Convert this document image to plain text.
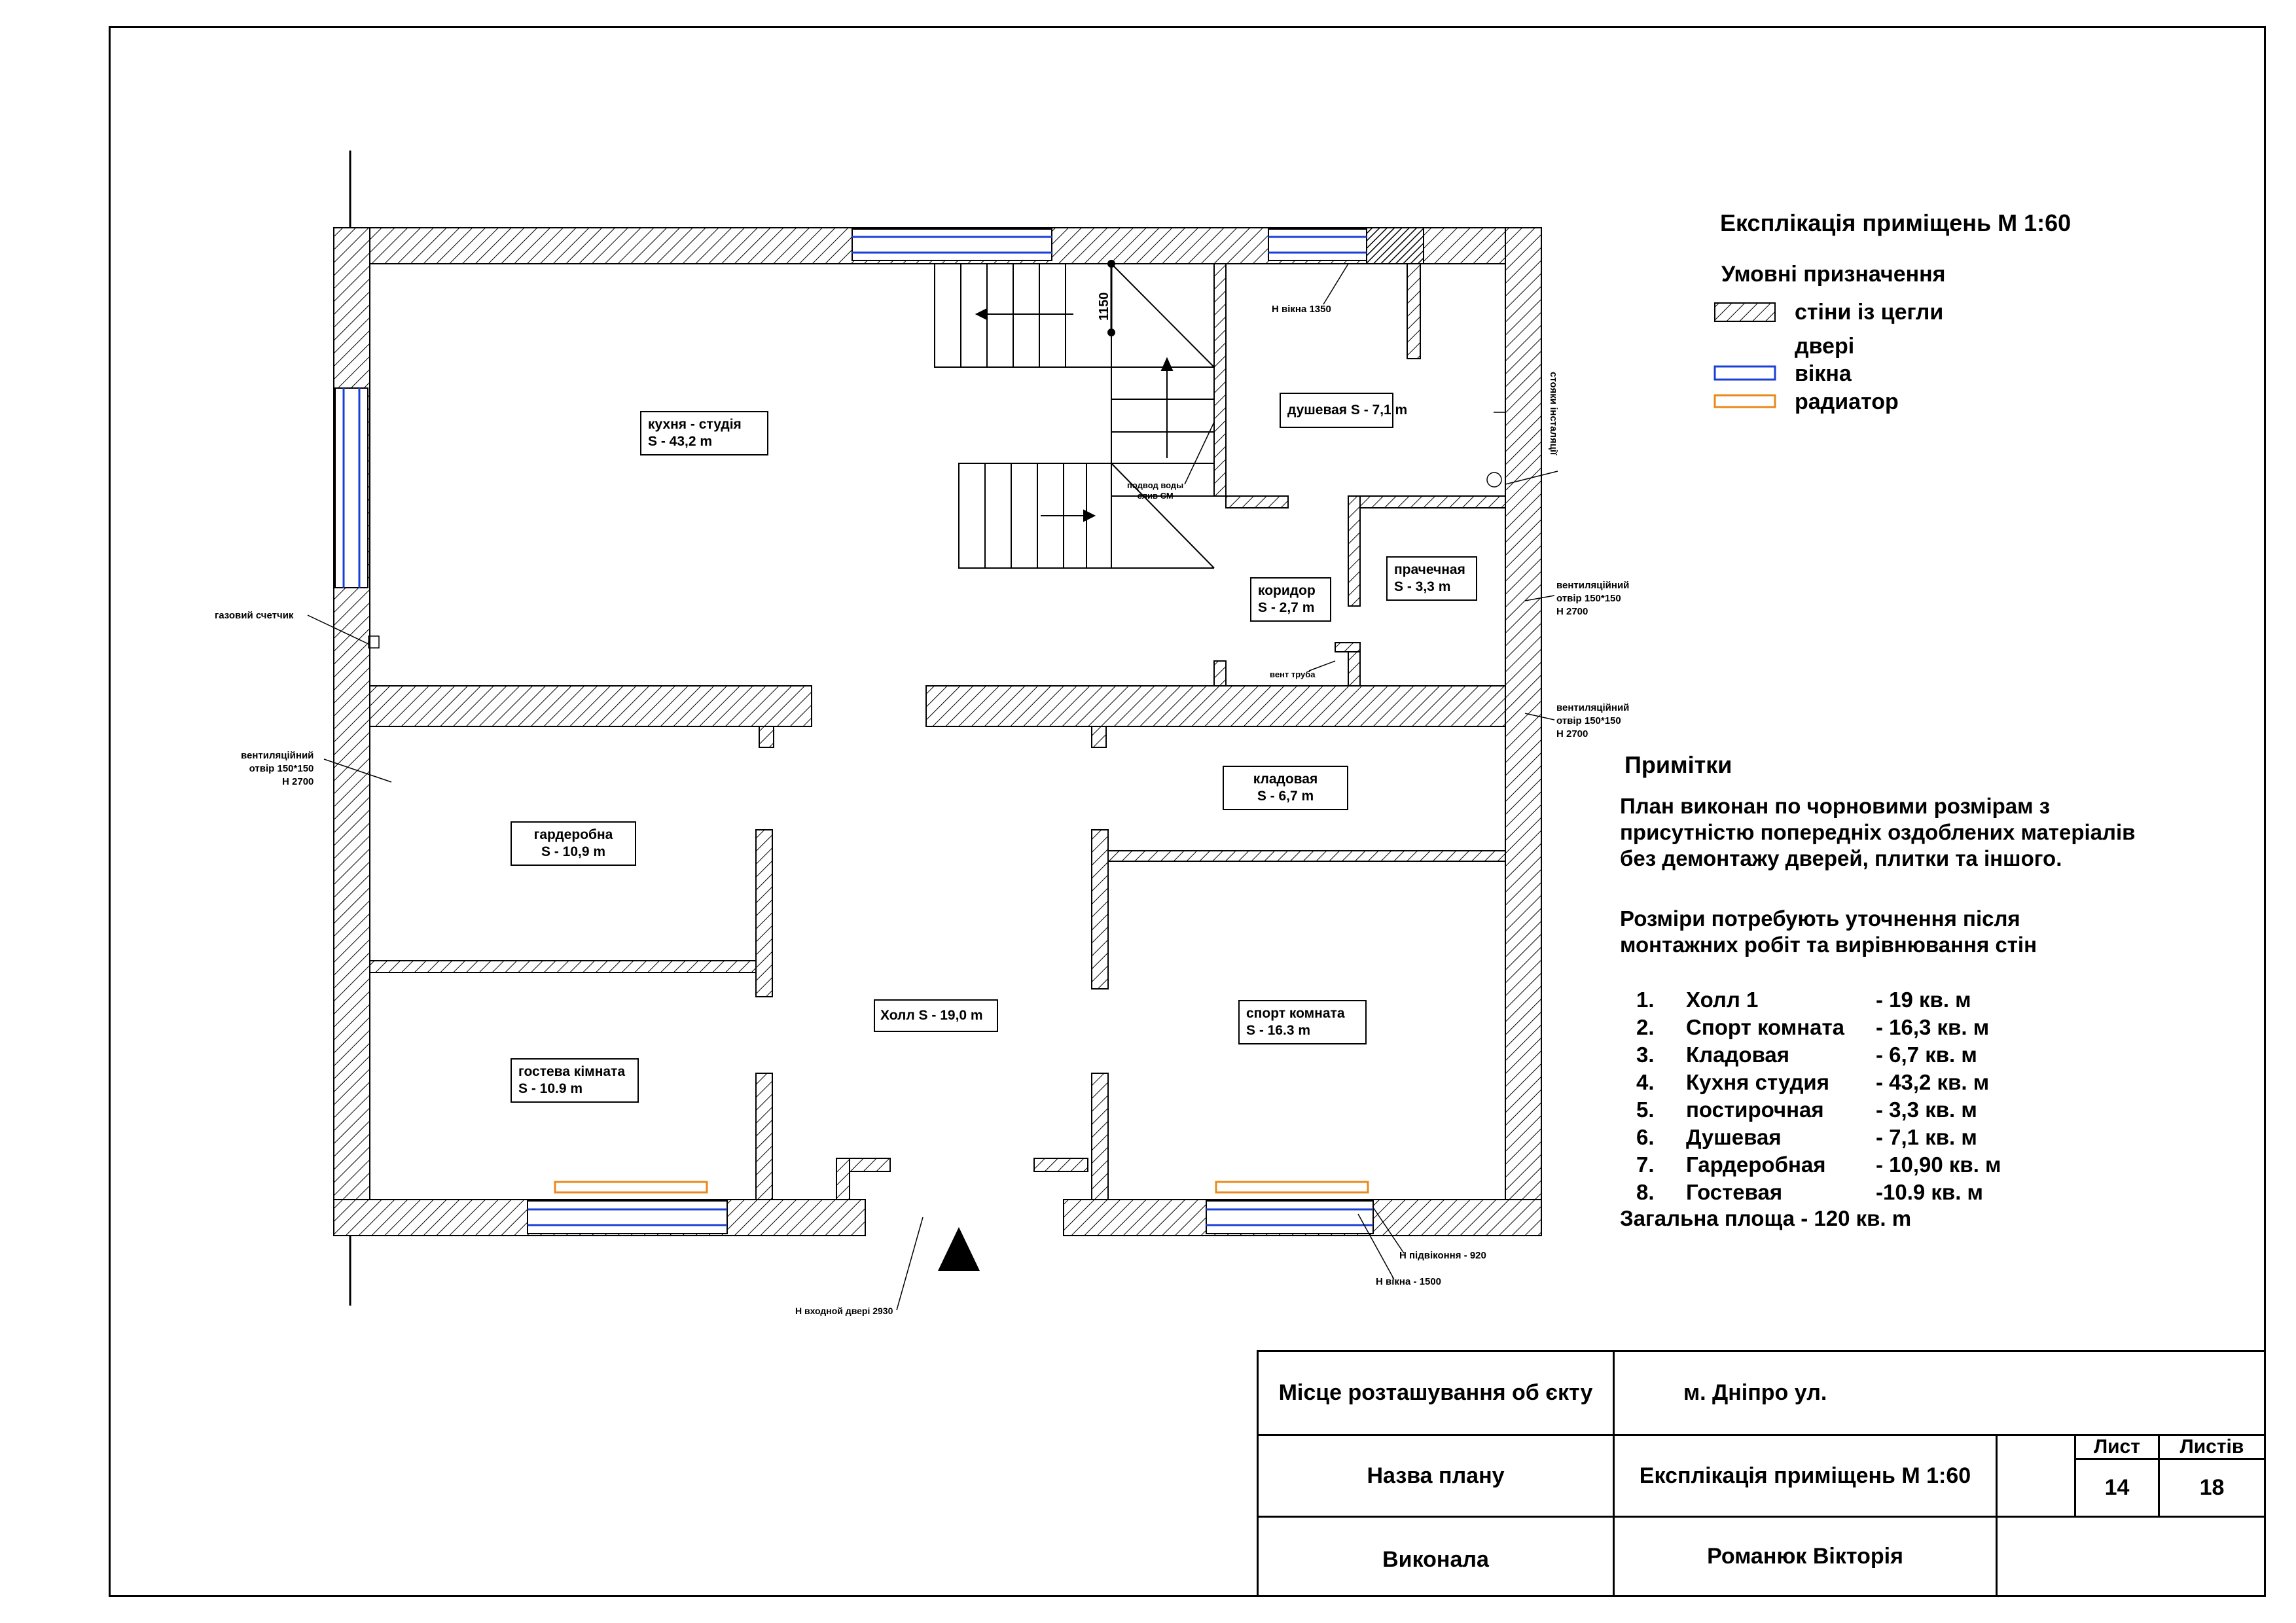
кухня - студія
S - 43,2 m
душевая S - 7,1 m
коридор
S - 2,7 m
прачечная
S - 3,3 m
кладовая
S - 6,7 m
гардеробна
S - 10,9 m
Холл S - 19,0 m	спорт комната
S - 16.3 m
гостева кімната
S - 10.9 m
газовий счетчик
вентиляційний
отвір 150*150
Н 2700
вентиляційний
отвір 150*150
Н 2700
вентиляційний
отвір 150*150
Н 2700
Н вікна 1350
1150
подвод воды
слив СМ
стояки інсталяції
вент труба
Н входной двері 2930
Н підвіконня - 920
Н вікна - 1500
Експлікація приміщень М 1:60
Умовні призначення
стіни із цегли
двері
вікна
радиатор
Примітки
План виконан по чорновими розмірам з
присутністю попередніх оздоблених матеріалів
без демонтажу дверей, плитки та іншого.
Розміри потребують уточнення після
монтажних робіт та вирівнювання стін
1.	Холл 1	- 19 кв. м
2.	Спорт комната	- 16,3 кв. м
3.	Кладовая	- 6,7 кв. м
4.	Кухня студия	- 43,2 кв. м
5.	постирочная	- 3,3 кв. м
6.	Душевая	- 7,1 кв. м
7.	Гардеробная	- 10,90 кв. м
8.	Гостевая	-10.9 кв. м
Загальна площа - 120 кв. m
Місце розташування об єкту	м. Дніпро ул.
Назва плану	Експлікація приміщень М 1:60
Лист	Листів
14	18
Виконала	Романюк Вікторія
